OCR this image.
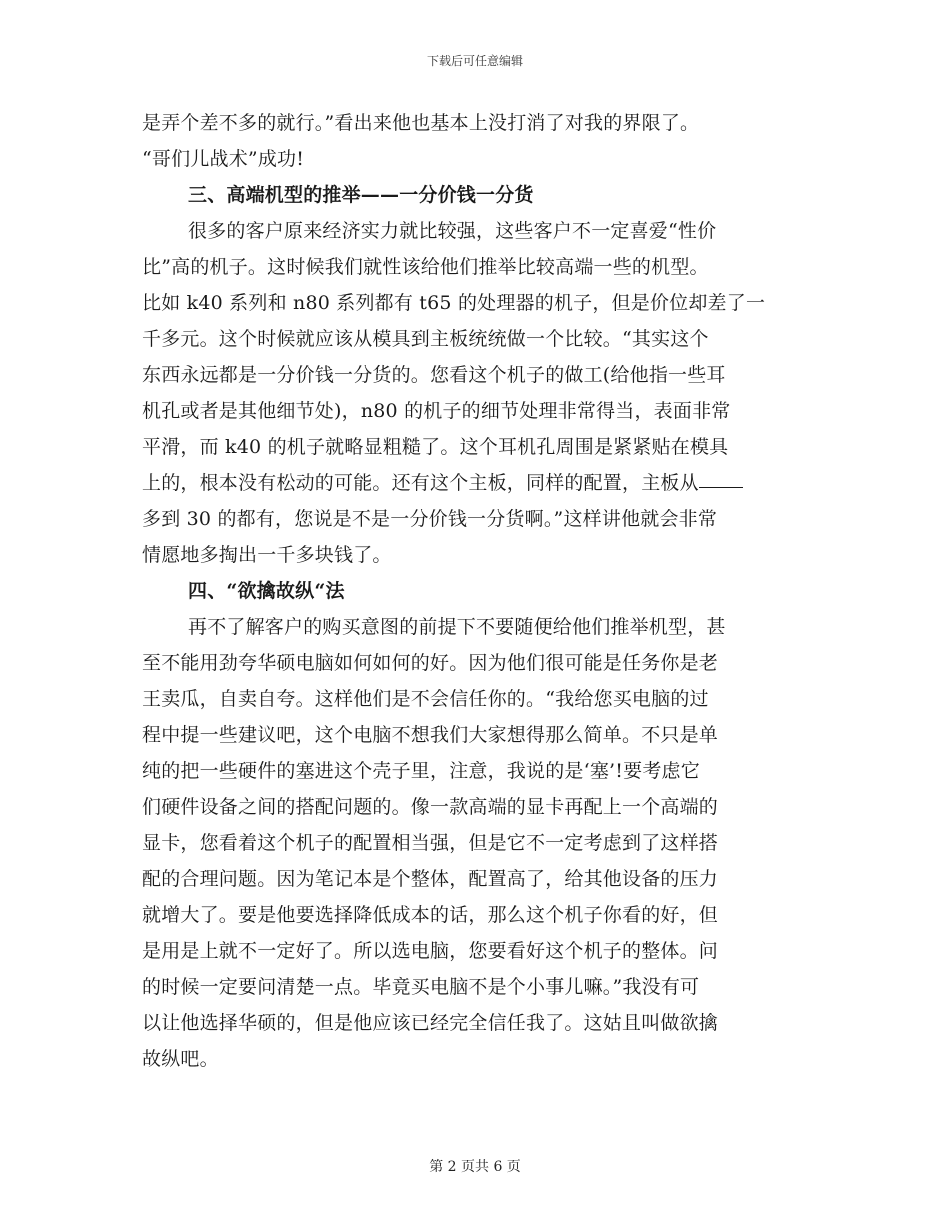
下载后可任意编辑
是弄个差不多的就行。”看出来他也基本上没打消了对我的界限了。
“哥们儿战术”成功!
三、高端机型的推举——一分价钱一分货
很多的客户原来经济实力就比较强，这些客户不一定喜爱“性价
比”高的机子。这时候我们就性该给他们推举比较高端一些的机型。
比如 k40 系列和 n80 系列都有 t65 的处理器的机子，但是价位却差了一
千多元。这个时候就应该从模具到主板统统做一个比较。“其实这个
东西永远都是一分价钱一分货的。您看这个机子的做工(给他指一些耳
机孔或者是其他细节处)，n80 的机子的细节处理非常得当，表面非常
平滑，而 k40 的机子就略显粗糙了。这个耳机孔周围是紧紧贴在模具
上的，根本没有松动的可能。还有这个主板，同样的配置，主板从
多到 30 的都有，您说是不是一分价钱一分货啊。”这样讲他就会非常
情愿地多掏出一千多块钱了。
四、“欲擒故纵“法
再不了解客户的购买意图的前提下不要随便给他们推举机型，甚
至不能用劲夸华硕电脑如何如何的好。因为他们很可能是任务你是老
王卖瓜，自卖自夸。这样他们是不会信任你的。“我给您买电脑的过
程中提一些建议吧，这个电脑不想我们大家想得那么简单。不只是单
纯的把一些硬件的塞进这个壳子里，注意，我说的是‘塞’!要考虑它
们硬件设备之间的搭配问题的。像一款高端的显卡再配上一个高端的
显卡，您看着这个机子的配置相当强，但是它不一定考虑到了这样搭
配的合理问题。因为笔记本是个整体，配置高了，给其他设备的压力
就增大了。要是他要选择降低成本的话，那么这个机子你看的好，但
是用是上就不一定好了。所以选电脑，您要看好这个机子的整体。问
的时候一定要问清楚一点。毕竟买电脑不是个小事儿嘛。”我没有可
以让他选择华硕的，但是他应该已经完全信任我了。这姑且叫做欲擒
故纵吧。
第 2 页共 6 页
